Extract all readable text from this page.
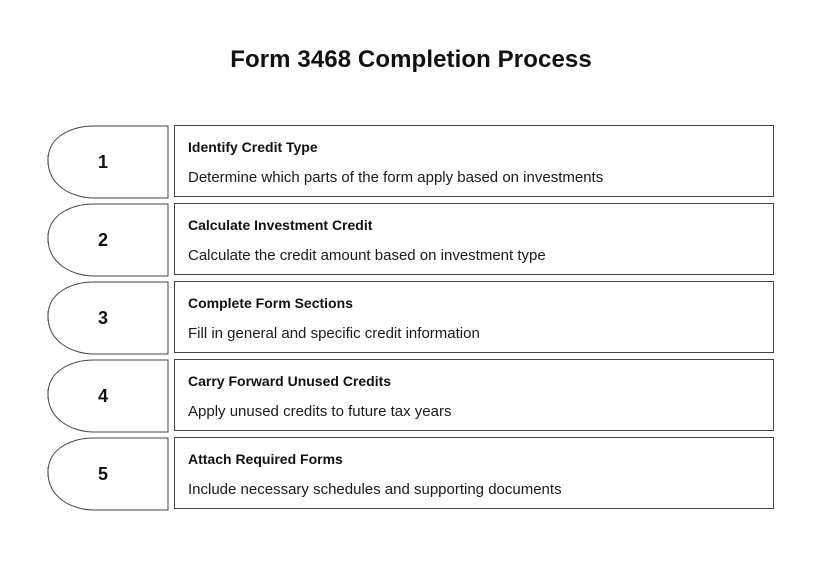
Form 3468 Completion Process
1
Identify Credit Type
Determine which parts of the form apply based on investments
2
Calculate Investment Credit
Calculate the credit amount based on investment type
3
Complete Form Sections
Fill in general and specific credit information
4
Carry Forward Unused Credits
Apply unused credits to future tax years
5
Attach Required Forms
Include necessary schedules and supporting documents
